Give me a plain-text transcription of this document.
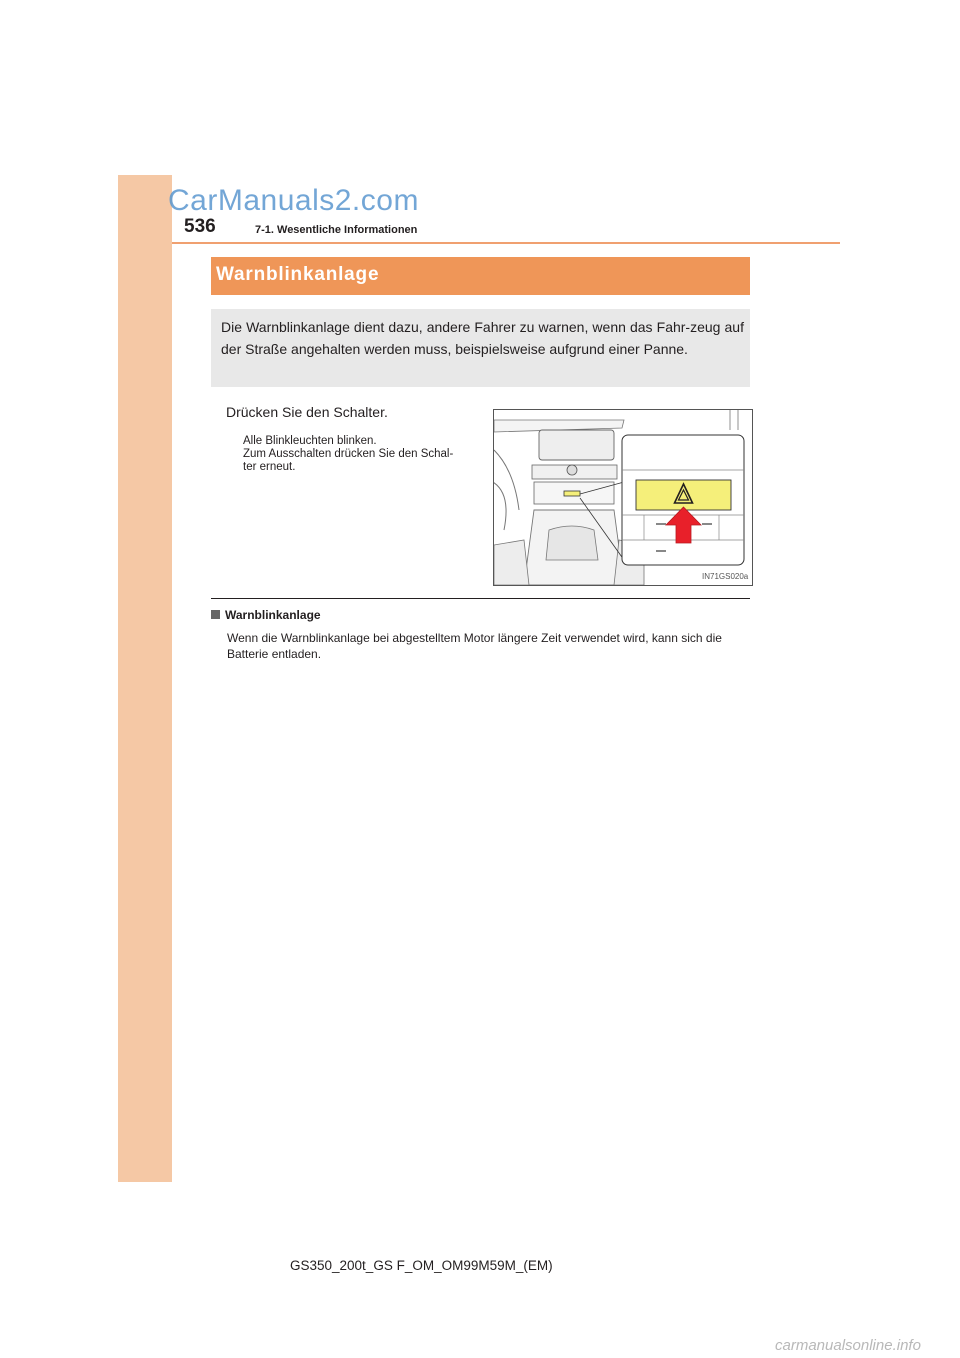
CarManuals2.com
536	7-1. Wesentliche Informationen
Warnblinkanlage
Die Warnblinkanlage dient dazu, andere Fahrer zu warnen, wenn das Fahr-zeug auf der Straße angehalten werden muss, beispielsweise aufgrund einer Panne.
Drücken Sie den Schalter.
Alle Blinkleuchten blinken.
Zum Ausschalten drücken Sie den Schal-
ter erneut.
IN71GS020a
Warnblinkanlage
Wenn die Warnblinkanlage bei abgestelltem Motor längere Zeit verwendet wird, kann sich die Batterie entladen.
GS350_200t_GS F_OM_OM99M59M_(EM)
carmanualsonline.info
